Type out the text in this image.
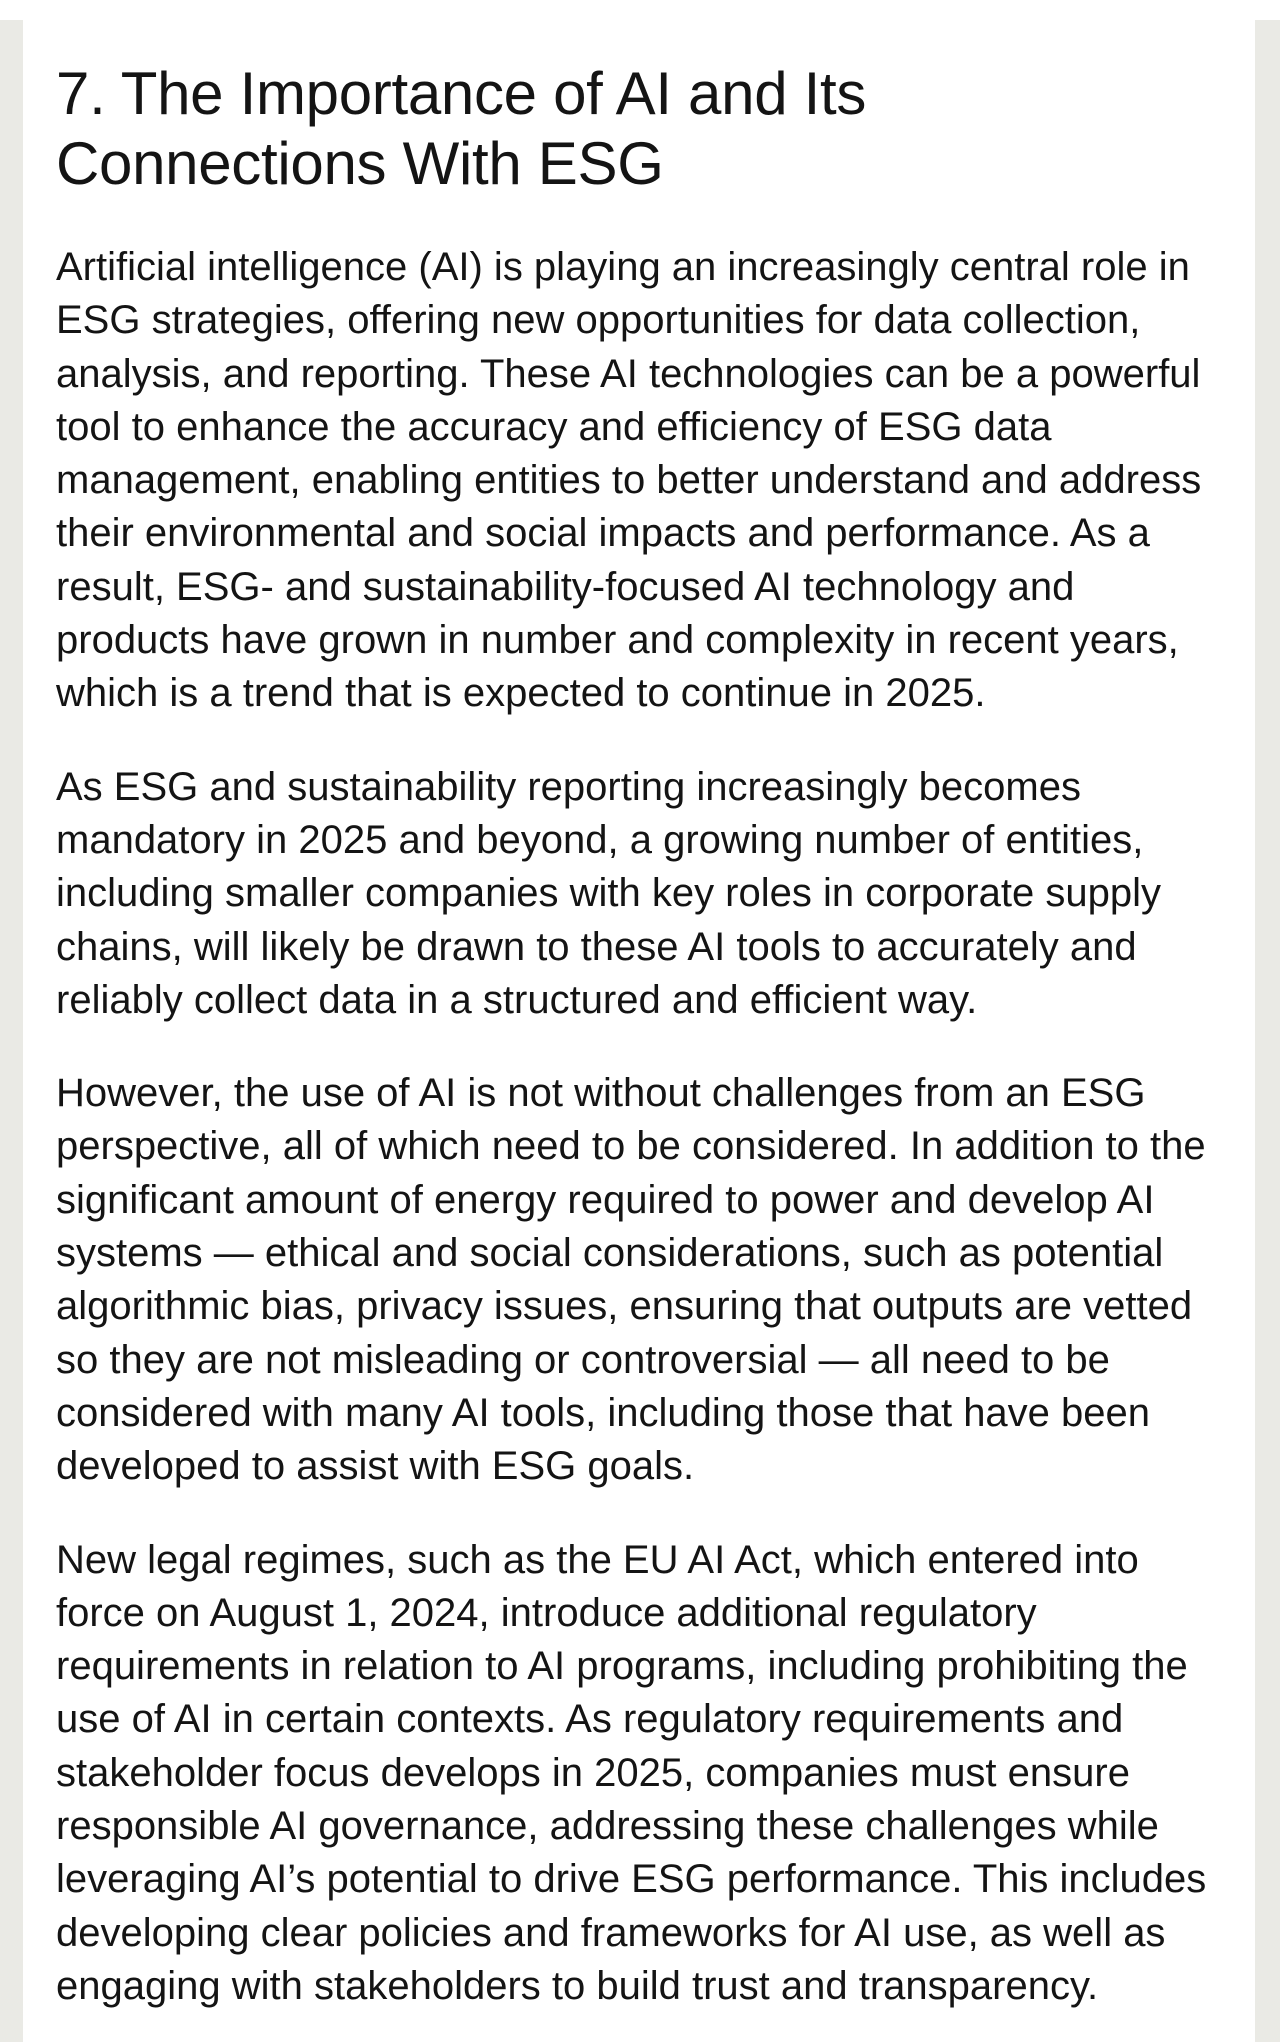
7. The Importance of AI and Its
Connections With ESG
Artificial intelligence (AI) is playing an increasingly central role in
ESG strategies, offering new opportunities for data collection,
analysis, and reporting. These AI technologies can be a powerful
tool to enhance the accuracy and efficiency of ESG data
management, enabling entities to better understand and address
their environmental and social impacts and performance. As a
result, ESG- and sustainability-focused AI technology and
products have grown in number and complexity in recent years,
which is a trend that is expected to continue in 2025.
As ESG and sustainability reporting increasingly becomes
mandatory in 2025 and beyond, a growing number of entities,
including smaller companies with key roles in corporate supply
chains, will likely be drawn to these AI tools to accurately and
reliably collect data in a structured and efficient way.
However, the use of AI is not without challenges from an ESG
perspective, all of which need to be considered. In addition to the
significant amount of energy required to power and develop AI
systems — ethical and social considerations, such as potential
algorithmic bias, privacy issues, ensuring that outputs are vetted
so they are not misleading or controversial — all need to be
considered with many AI tools, including those that have been
developed to assist with ESG goals.
New legal regimes, such as the EU AI Act, which entered into
force on August 1, 2024, introduce additional regulatory
requirements in relation to AI programs, including prohibiting the
use of AI in certain contexts. As regulatory requirements and
stakeholder focus develops in 2025, companies must ensure
responsible AI governance, addressing these challenges while
leveraging AI’s potential to drive ESG performance. This includes
developing clear policies and frameworks for AI use, as well as
engaging with stakeholders to build trust and transparency.
